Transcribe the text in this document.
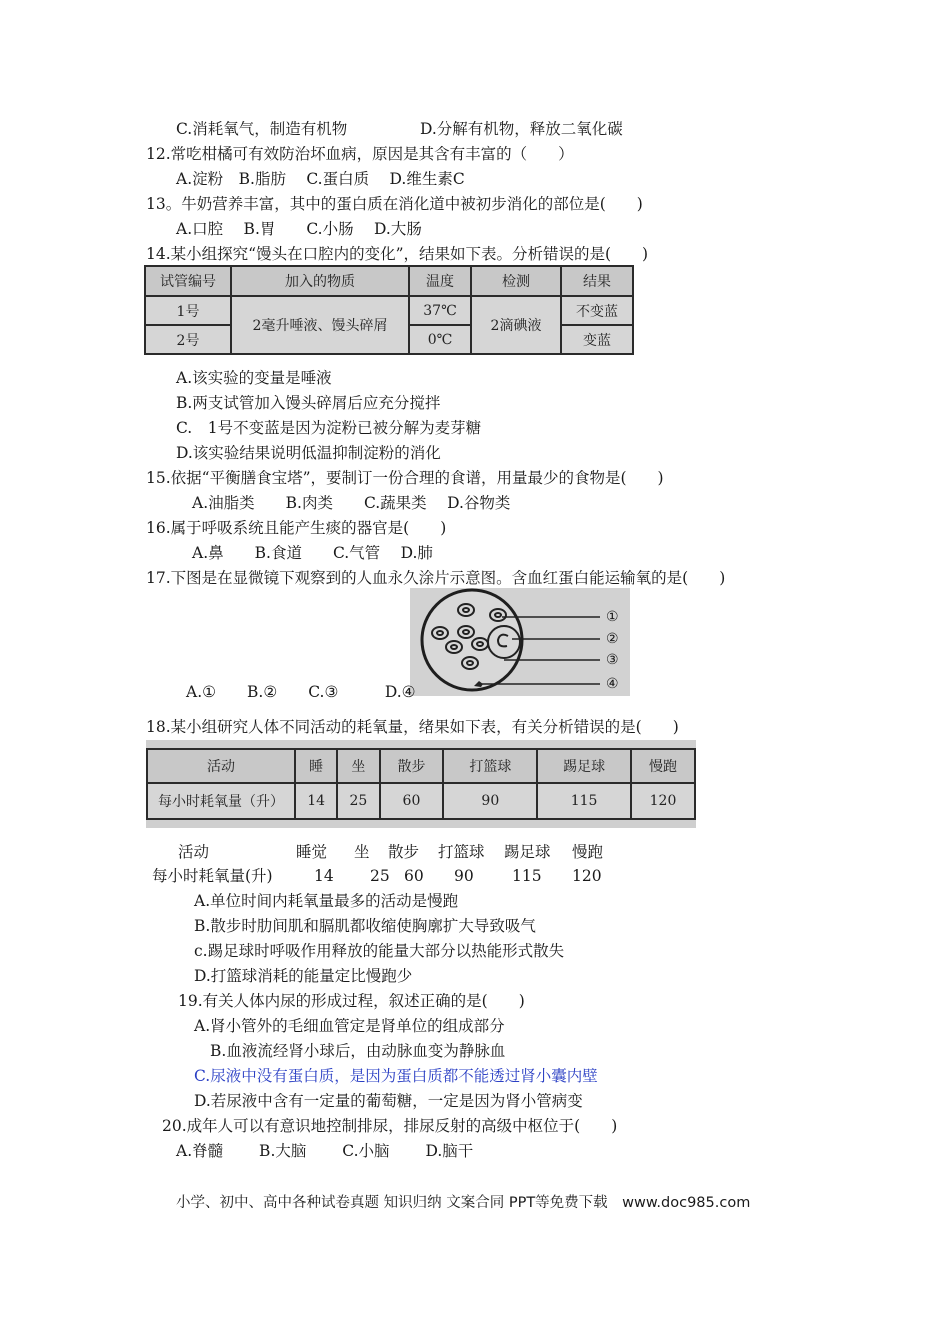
C.消耗氧气，制造有机物	D.分解有机物，释放二氧化碳
12.常吃柑橘可有效防治坏血病，原因是其含有丰富的（　　）
A.淀粉　B.脂肪　 C.蛋白质　 D.维生素C
13。牛奶营养丰富，其中的蛋白质在消化道中被初步消化的部位是(　　)
A.口腔　 B.胃　　C.小肠　 D.大肠
14.某小组探究“馒头在口腔内的变化”，结果如下表。分析错误的是(　　)
试管编号	加入的物质	温度	检测	结果
1号	2毫升唾液、馒头碎屑	37℃	2滴碘液	不变蓝
2号		0℃		变蓝
A.该实验的变量是唾液
B.两支试管加入馒头碎屑后应充分搅拌
C.　1号不变蓝是因为淀粉已被分解为麦芽糖
D.该实验结果说明低温抑制淀粉的消化
15.依据“平衡膳食宝塔”，要制订一份合理的食谱，用量最少的食物是(　　)
A.油脂类　　B.肉类　　C.蔬果类　 D.谷物类
16.属于呼吸系统且能产生痰的器官是(　　)
A.鼻　　B.食道　　C.气管　 D.肺
17.下图是在显微镜下观察到的人血永久涂片示意图。含血红蛋白能运输氧的是(　　)
①
②
③
④
A.①　　B.②　　C.③　　　D.④
18.某小组研究人体不同活动的耗氧量，绪果如下表，有关分析错误的是(　　)
活动	睡	坐	散步	打篮球	踢足球	慢跑
每小时耗氧量（升）	14	25	60	90	115	120
活动	睡觉 坐 散步 打篮球 踢足球 慢跑
每小时耗氧量(升)	14 25 60 90 115 120
A.单位时间内耗氧量最多的活动是慢跑
B.散步时肋间肌和膈肌都收缩使胸廓扩大导致吸气
c.踢足球时呼吸作用释放的能量大部分以热能形式散失
D.打篮球消耗的能量定比慢跑少
19.有关人体内尿的形成过程，叙述正确的是(　　)
A.肾小管外的毛细血管定是肾单位的组成部分
B.血液流经肾小球后，由动脉血变为静脉血
C.尿液中没有蛋白质，是因为蛋白质都不能透过肾小囊内壁
D.若尿液中含有一定量的葡萄糖，一定是因为肾小管病变
20.成年人可以有意识地控制排尿，排尿反射的高级中枢位于(　　)
A.脊髓　　 B.大脑　　 C.小脑　　 D.脑干
小学、初中、高中各种试卷真题 知识归纳 文案合同 PPT等免费下载　www.doc985.com
